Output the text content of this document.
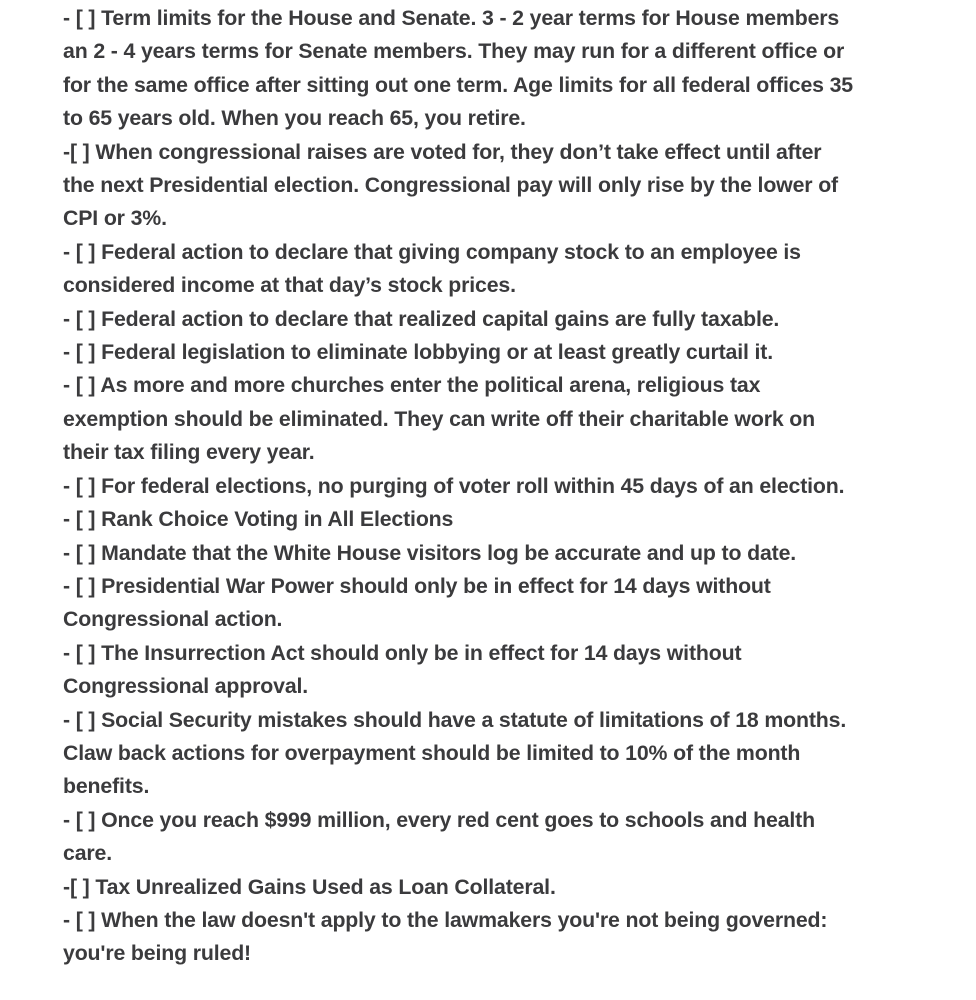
- [ ] Term limits for the House and Senate. 3 - 2 year terms for House members
an 2 - 4 years terms for Senate members. They may run for a different office or
for the same office after sitting out one term. Age limits for all federal offices 35
to 65 years old. When you reach 65, you retire.
-[ ] When congressional raises are voted for, they don’t take effect until after
the next Presidential election. Congressional pay will only rise by the lower of
CPI or 3%.
- [ ] Federal action to declare that giving company stock to an employee is
considered income at that day’s stock prices.
- [ ] Federal action to declare that realized capital gains are fully taxable.
- [ ] Federal legislation to eliminate lobbying or at least greatly curtail it.
- [ ] As more and more churches enter the political arena, religious tax
exemption should be eliminated. They can write off their charitable work on
their tax filing every year.
- [ ] For federal elections, no purging of voter roll within 45 days of an election.
- [ ] Rank Choice Voting in All Elections
- [ ] Mandate that the White House visitors log be accurate and up to date.
- [ ] Presidential War Power should only be in effect for 14 days without
Congressional action.
- [ ] The Insurrection Act should only be in effect for 14 days without
Congressional approval.
- [ ] Social Security mistakes should have a statute of limitations of 18 months.
Claw back actions for overpayment should be limited to 10% of the month
benefits.
- [ ] Once you reach $999 million, every red cent goes to schools and health
care.
-[ ] Tax Unrealized Gains Used as Loan Collateral.
- [ ] When the law doesn't apply to the lawmakers you're not being governed:
you're being ruled!
